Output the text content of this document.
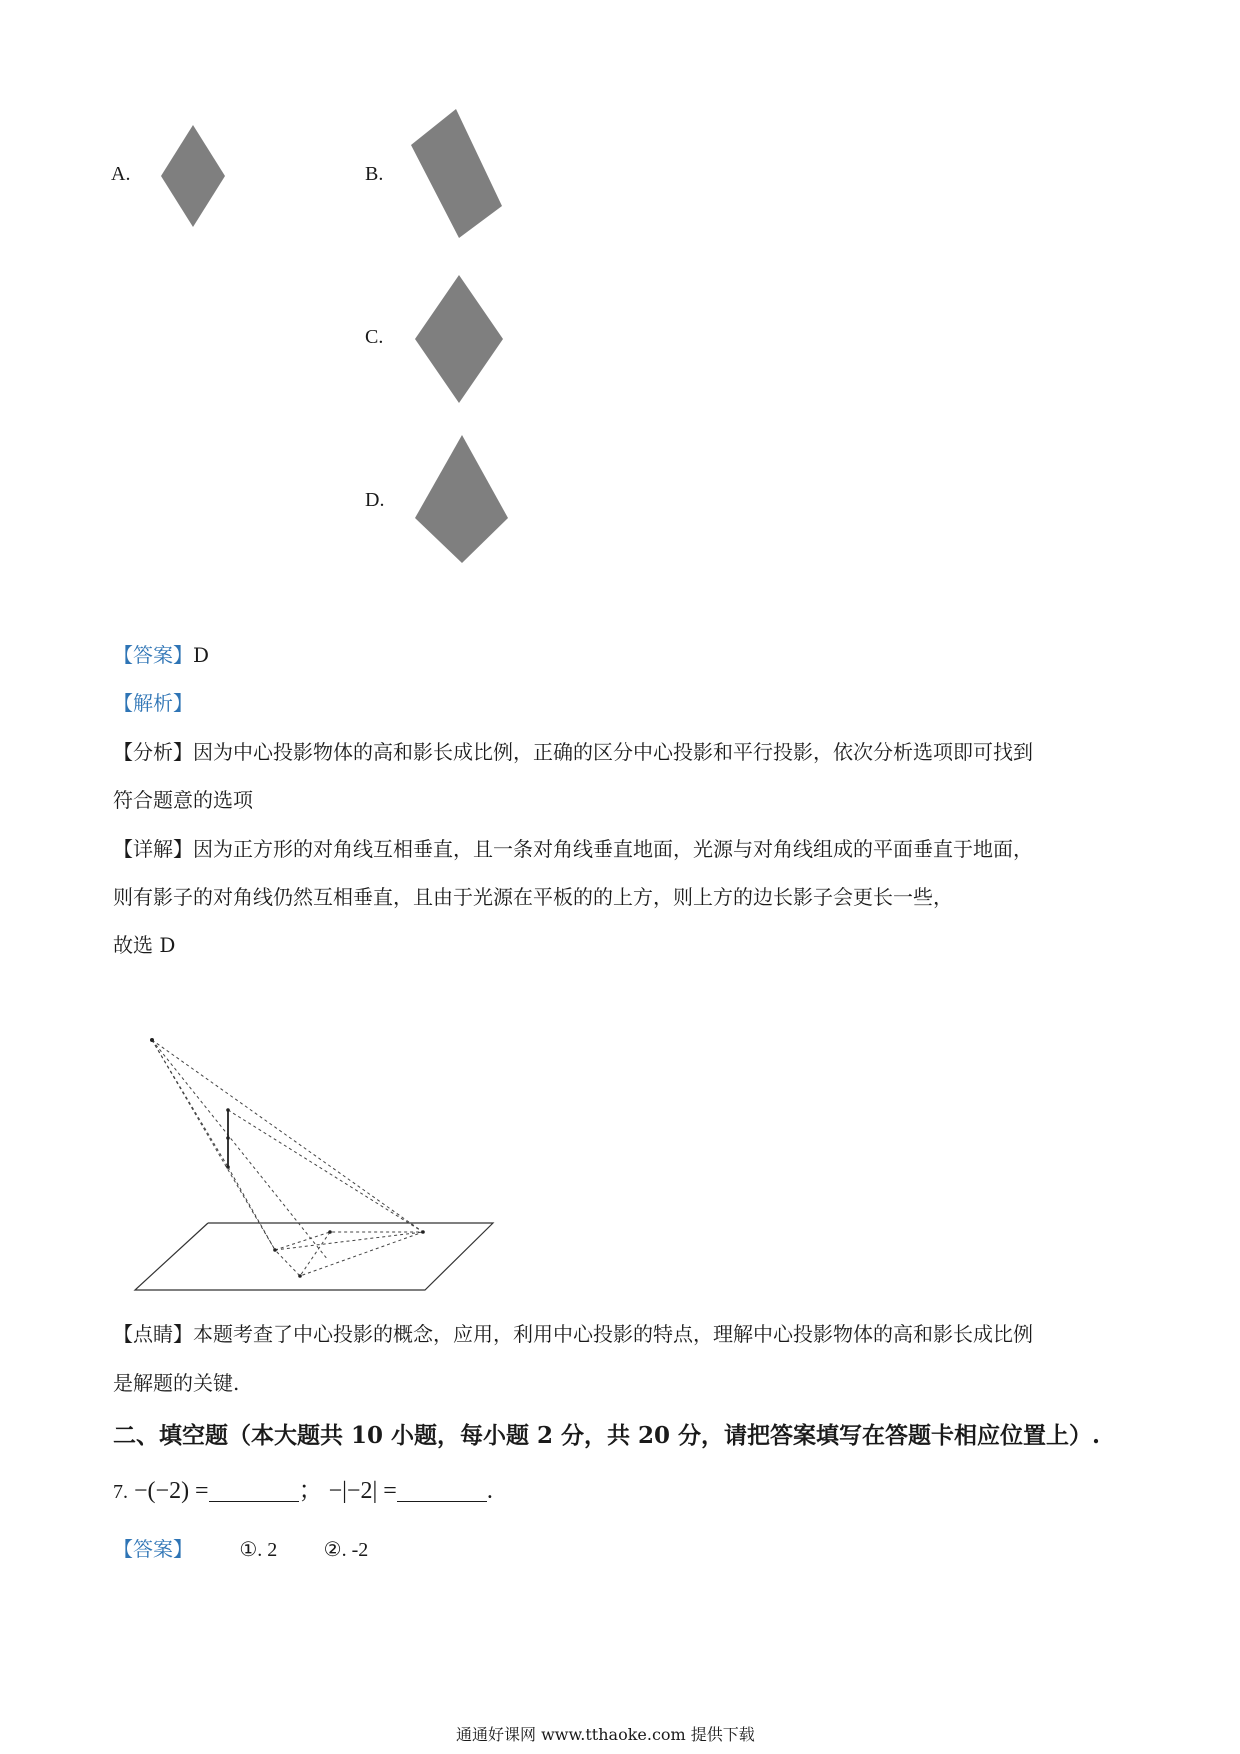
A.	B.
C.
D.
【答案】D
【解析】
【分析】因为中心投影物体的高和影长成比例，正确的区分中心投影和平行投影，依次分析选项即可找到
符合题意的选项
【详解】因为正方形的对角线互相垂直，且一条对角线垂直地面，光源与对角线组成的平面垂直于地面，
则有影子的对角线仍然互相垂直，且由于光源在平板的的上方，则上方的边长影子会更长一些，
故选 D
【点睛】本题考查了中心投影的概念，应用，利用中心投影的特点，理解中心投影物体的高和影长成比例
是解题的关键.
二、填空题（本大题共 10 小题，每小题 2 分，共 20 分，请把答案填写在答题卡相应位置上）.
7. −(−2) =	； −|−2| =	.
【答案】 ①. 2 ②. -2
通通好课网 www.tthaoke.com 提供下载
